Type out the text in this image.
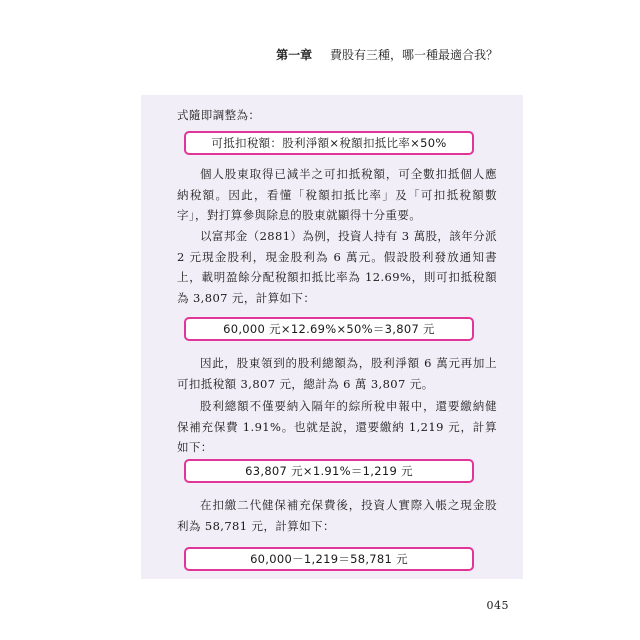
第一章 費股有三種，哪一種最適合我？

式隨即調整為：

可抵扣稅額：股利淨額×稅額扣抵比率×50%

個人股東取得已減半之可扣抵稅額，可全數扣抵個人應納稅額。因此，看懂「稅額扣抵比率」及「可扣抵稅額數字」，對打算參與除息的股東就顯得十分重要。

以富邦金（2881）為例，投資人持有 3 萬股，該年分派 2 元現金股利，現金股利為 6 萬元。假設股利發放通知書上，載明盈餘分配稅額扣抵比率為 12.69%，則可扣抵稅額為 3,807 元，計算如下：

60,000 元×12.69%×50%＝3,807 元

因此，股東領到的股利總額為，股利淨額 6 萬元再加上可扣抵稅額 3,807 元，總計為 6 萬 3,807 元。

股利總額不僅要納入隔年的綜所稅申報中，還要繳納健保補充保費 1.91%。也就是說，還要繳納 1,219 元，計算如下：

63,807 元×1.91%＝1,219 元

在扣繳二代健保補充保費後，投資人實際入帳之現金股利為 58,781 元，計算如下：

60,000－1,219＝58,781 元
045
